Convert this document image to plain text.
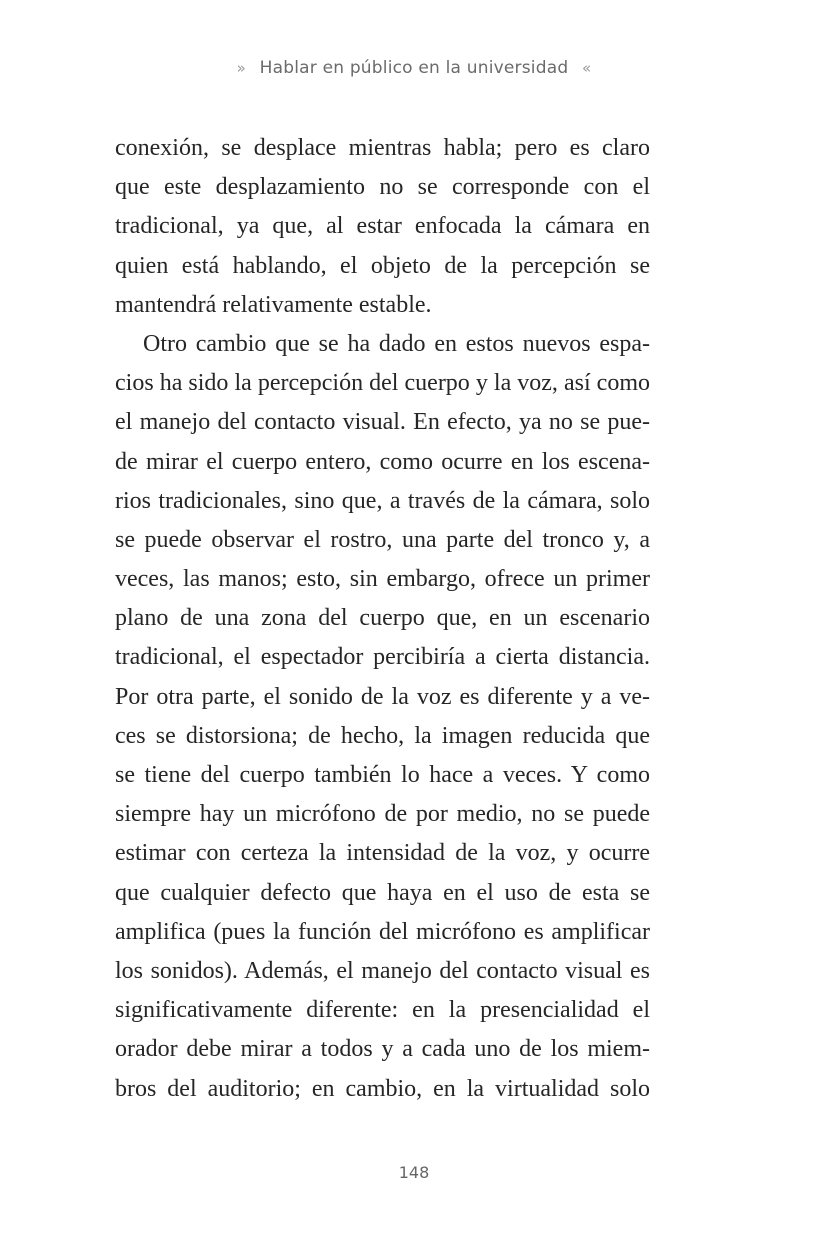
» Hablar en público en la universidad «
conexión, se desplace mientras habla; pero es claro
que este desplazamiento no se corresponde con el
tradicional, ya que, al estar enfocada la cámara en
quien está hablando, el objeto de la percepción se
mantendrá relativamente estable.
Otro cambio que se ha dado en estos nuevos espa-
cios ha sido la percepción del cuerpo y la voz, así como
el manejo del contacto visual. En efecto, ya no se pue-
de mirar el cuerpo entero, como ocurre en los escena-
rios tradicionales, sino que, a través de la cámara, solo
se puede observar el rostro, una parte del tronco y, a
veces, las manos; esto, sin embargo, ofrece un primer
plano de una zona del cuerpo que, en un escenario
tradicional, el espectador percibiría a cierta distancia.
Por otra parte, el sonido de la voz es diferente y a ve-
ces se distorsiona; de hecho, la imagen reducida que
se tiene del cuerpo también lo hace a veces. Y como
siempre hay un micrófono de por medio, no se puede
estimar con certeza la intensidad de la voz, y ocurre
que cualquier defecto que haya en el uso de esta se
amplifica (pues la función del micrófono es amplificar
los sonidos). Además, el manejo del contacto visual es
significativamente diferente: en la presencialidad el
orador debe mirar a todos y a cada uno de los miem-
bros del auditorio; en cambio, en la virtualidad solo
148
